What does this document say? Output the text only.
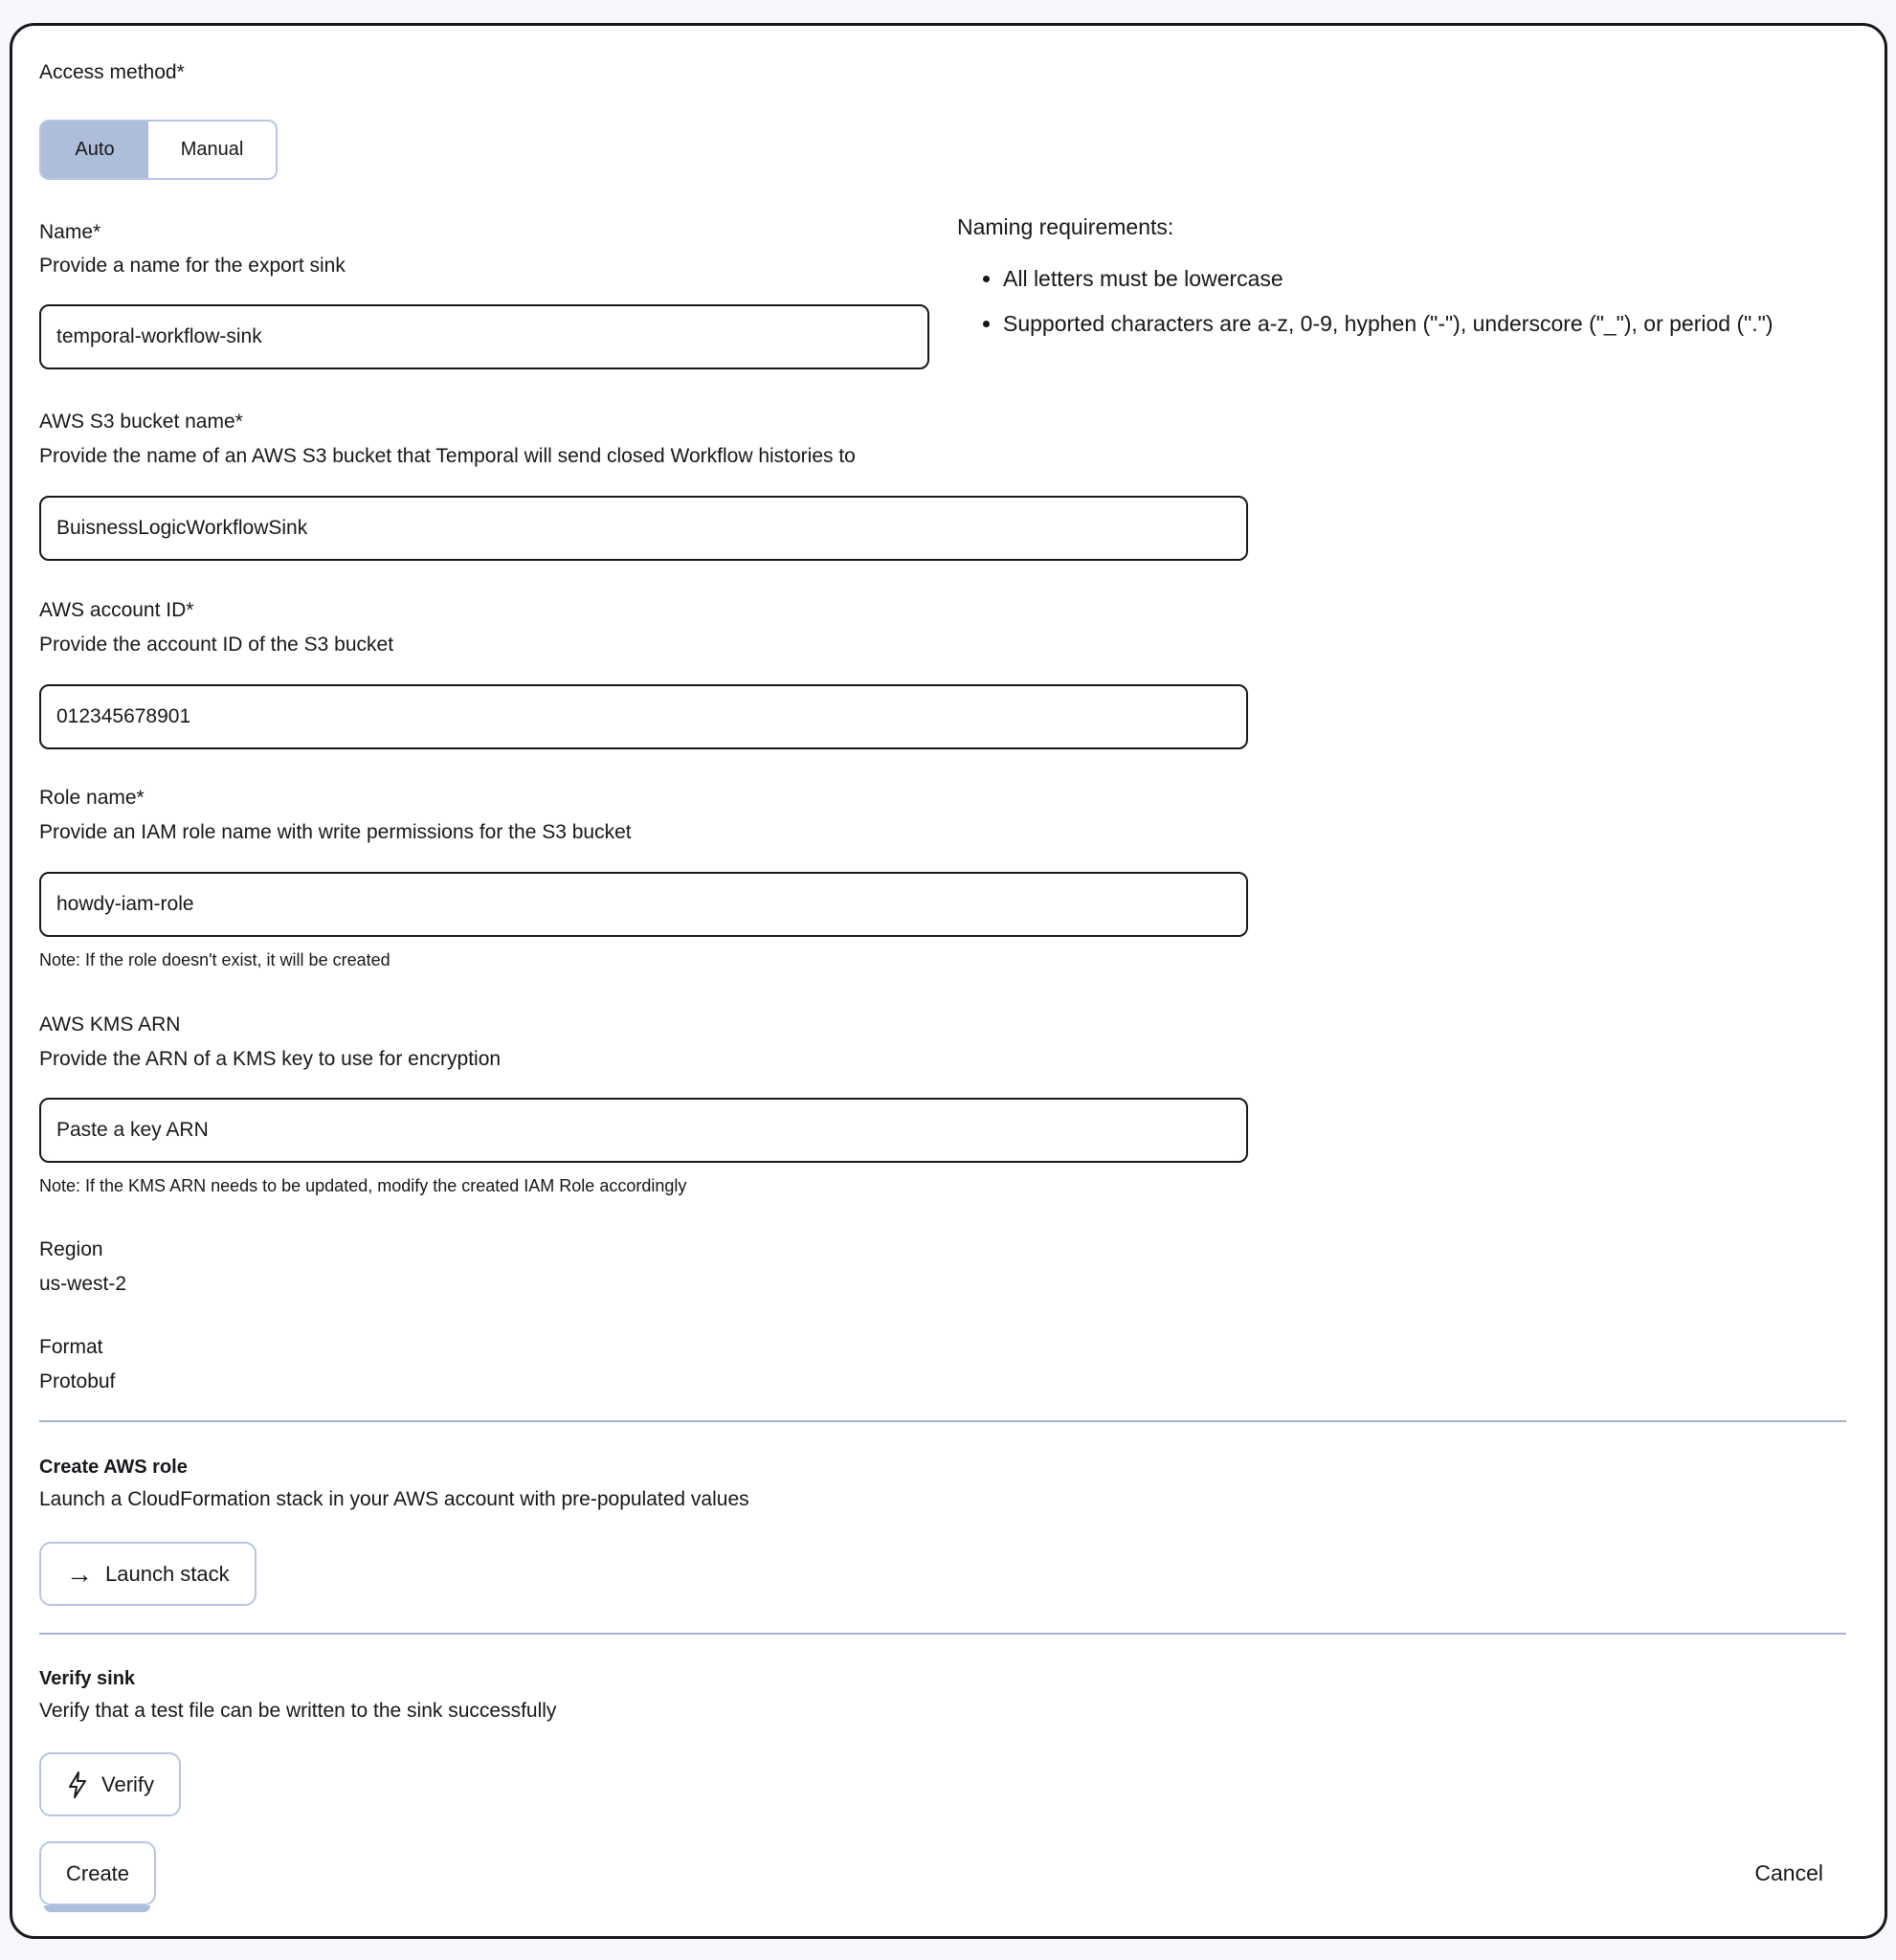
Access method*
Auto	Manual
Name*
Provide a name for the export sink
temporal-workflow-sink
Naming requirements:
• All letters must be lowercase
• Supported characters are a-z, 0-9, hyphen ("-"), underscore ("_"), or period (".")
AWS S3 bucket name*
Provide the name of an AWS S3 bucket that Temporal will send closed Workflow histories to
BuisnessLogicWorkflowSink
AWS account ID*
Provide the account ID of the S3 bucket
012345678901
Role name*
Provide an IAM role name with write permissions for the S3 bucket
howdy-iam-role
Note: If the role doesn't exist, it will be created
AWS KMS ARN
Provide the ARN of a KMS key to use for encryption
Paste a key ARN
Note: If the KMS ARN needs to be updated, modify the created IAM Role accordingly
Region
us-west-2
Format
Protobuf
Create AWS role
Launch a CloudFormation stack in your AWS account with pre-populated values
→ Launch stack
Verify sink
Verify that a test file can be written to the sink successfully
Verify
Create	Cancel
